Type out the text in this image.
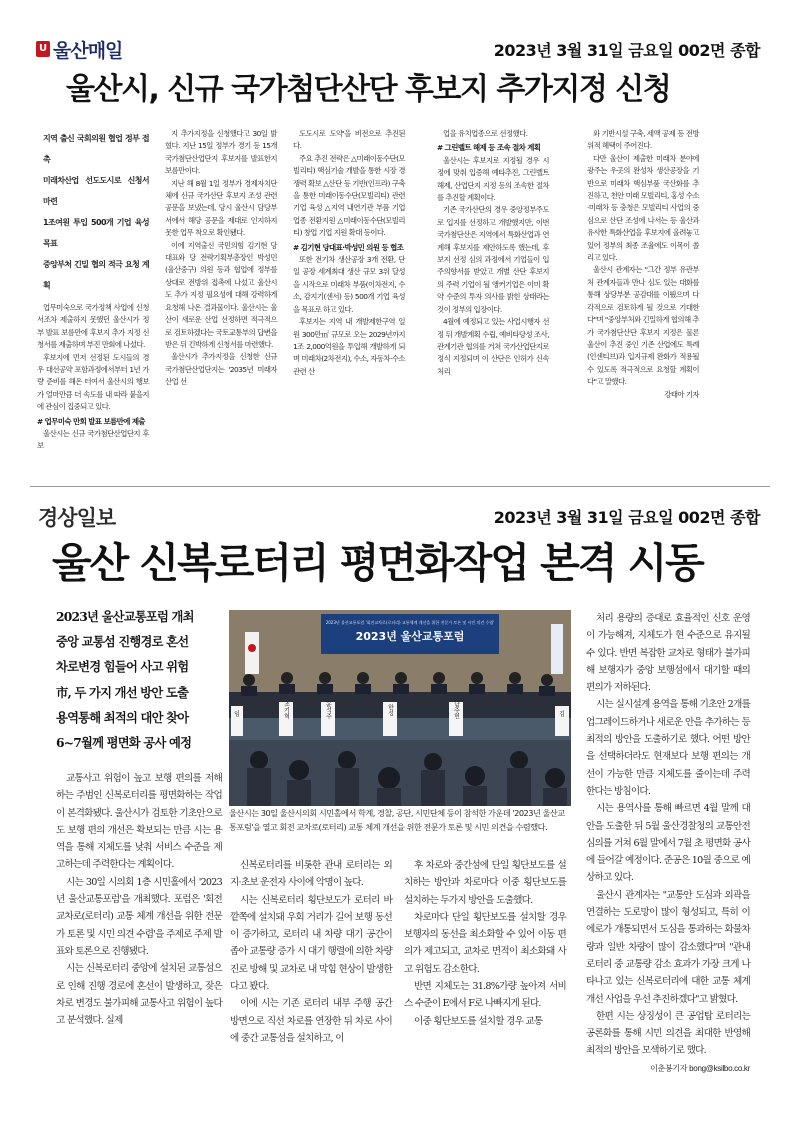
U 울산매일	2023년 3월 31일 금요일 002면 종합
울산시, 신규 국가첨단산단 후보지 추가지정 신청
지역 출신 국회의원 협업 정부 접촉
미래차산업 선도도시로 신청서 마련
1조여원 투입 500개 기업 육성 목표
중앙부처 긴밀 협의 적극 요청 계획

업무미숙으로 국가정책 사업에 신청서조차 제출하지 못했던 울산시가 정부 발표 보름만에 후보지 추가 지정 신청서를 제출하며 부진 만회에 나섰다.

후보지에 먼저 선정된 도시들의 경우 대선공약 포함과정에서부터 1년 가량 준비를 해온 터여서 울산시의 행보가 얼마만큼 더 속도를 내 따라 붙을지에 관심이 집중되고 있다.

# 업무미숙 만회 발표 보름만에 제출

울산시는 신규 국가첨단산업단지 후보

지 추가지정을 신청했다고 30일 밝혔다. 지난 15일 정부가 경기 등 15개 국가첨단산업단지 후보지를 발표한지 보름만이다.

지난 해 8월 1일 정부가 경제자치단체에 신규 국가산단 후보지 조성 관련 공문을 보냈는데, 당시 울산시 담당부서에서 해당 공문을 제대로 인지하지 못한 업무 착오로 확인됐다.

이에 지역출신 국민의힘 김기현 당대표와 당 전략기획부총장인 박성민(울산중구) 의원 등과 협업에 정부를 상대로 전방위 접촉에 나섰고 울산시도 추가 지정 필요성에 대해 강력하게 요청해 나온 결과물이다. 울산시는 울산이 새로운 산업 선정하면 적극적으로 검토하겠다는 국토교통부의 답변을 받은 뒤 긴박하게 신청서를 마련했다.

울산시가 추가지정을 신청한 신규 국가첨단산업단지는 '2035년 미래자산업 선

도도시로 도약'을 비전으로 추진된다.

주요 추진 전략은 △미래이동수단(모빌리티) 핵심기술 개발을 통한 시장 경쟁력 확보 △산단 등 기반(인프라) 구축을 통한 미래이동수단(모빌리티) 관련 기업 육성 △지역 내연기관 부품 기업 업종 전환지원 △미래이동수단(모빌리티) 창업 기업 지원 확대 등이다.

# 김기현 당대표·박성민 의원 등 협조

또한 전기차 생산공장 3개 전환, 단일 공장 세계최대 생산 규모 3위 달성을 시작으로 미래차 부품(이차전지, 수소, 감지기(센서) 등) 500개 기업 육성을 목표로 하고 있다.

후보지는 지역 내 개발제한구역 일원 300만㎡ 규모로 오는 2029년까지 1조 2,000억원을 투입해 개발하게 되며 미래차(2차전지), 수소, 자동차·수소관련 산

업을 유치업종으로 선정했다.

# 그린벨트 해제 등 조속 절차 계획

울산시는 후보지로 지정될 경우 시정에 맞춰 입증해 예타추진, 그린벨트해제, 산업단지 지정 등의 조속한 절차를 추진할 계획이다.

기존 국가산단의 경우 중앙정부주도로 입지를 선정하고 개발했지만, 이번 국가첨단산은 지역에서 특화산업과 연계해 후보지를 제안하도록 했는데, 후보지 선정 심의 과정에서 기업들이 입주의향서를 받았고 개별 산단 후보지의 주력 기업이 될 앵커기업은 이미 확약 수준의 투자 의사를 밝힌 상태라는 것이 정부의 입장이다.

4월에 예정되고 있는 사업시행자 선정 뒤 개발계획 수립, 예비타당성 조사, 관계기관 협의를 거쳐 국가산업단지로 정식 지정되며 이 산단은 인허가 신속 처리

와 기반시설 구축, 세액 공제 등 전방위적 혜택이 주어진다.

다만 울산이 제출한 미래차 분야에 광주는 우곳의 완성차 생산공장을 기반으로 미래차 핵심부품 국산화를 추진하고, 천안 미래 모빌리티, 홍성 수소·미래차 등 충청은 모빌리티 사업의 중심으로 산단 조성에 나서는 등 울산과 유사한 특화산업을 후보지에 올려놓고 있어 정부의 최종 조율에도 이목이 쏠리고 있다.

울산시 관계자는 "그간 정부 유관부처 관계자들과 만나 심도 있는 대화를 통해 상당부분 공감대를 이뤘으며 다각적으로 검토하게 될 것으로 기대한다"며 "중앙부처와 긴밀하게 협의해 추가 국가첨단산단 후보지 지정은 물론 울산이 추진 중인 기존 산업에도 특례(인센티브)과 입지규제 완화가 적용될 수 있도록 적극적으로 요청할 계획이다"고 말했다.

강태아 기자

경상일보	2023년 3월 31일 금요일 002면 종합
울산 신복로터리 평면화작업 본격 시동
2023년 울산교통포럼 개최
중앙 교통섬 진행경로 혼선
차로변경 힘들어 사고 위험
市, 두 가지 개선 방안 도출
용역통해 최적의 대안 찾아
6~7월께 평면화 공사 예정
2023년 울산교통포럼 '회전교차로(로터리) 교통체계 개선을 위한 전문가 토론 및 시민 의견 수렴'
2023년 울산교통포럼
임	조기혁	윤석주	한성	남주헌	김
울산시는 30일 울산시의회 시민홀에서 학계, 경찰, 공단, 시민단체 등이 참석한 가운데 '2023년 울산교통포럼'을 열고 회전 교차로(로터리) 교통 체계 개선을 위한 전문가 토론 및 시민 의견을 수렴했다.

교통사고 위험이 높고 보행 편의를 저해하는 주범인 신복로터리를 평면화하는 작업이 본격화됐다. 울산시가 검토한 기초안으로도 보행 편의 개선은 확보되는 만큼 시는 용역을 통해 지체도를 낮춰 서비스 수준을 제고하는데 주력한다는 계획이다.

시는 30일 시의회 1층 시민홀에서 '2023년 울산교통포럼'을 개최했다. 포럼은 '회전교차로(로터리) 교통 체계 개선을 위한 전문가 토론 및 시민 의견 수렴'을 주제로 주제 발표와 토론으로 진행됐다.

시는 신복로터리 중앙에 설치된 교통섬으로 인해 진행 경로에 혼선이 발생하고, 잦은 차로 변경도 불가피해 교통사고 위험이 높다고 분석했다. 실제

신복로터리를 비롯한 관내 로터리는 외지·초보 운전자 사이에 악명이 높다.

시는 신복로터리 횡단보도가 로터리 바깥쪽에 설치돼 우회 거리가 길어 보행 동선이 증가하고, 로터리 내 차량 대기 공간이 좁아 교통량 증가 시 대기 행렬에 의한 차량 진로 방해 및 교차로 내 막힘 현상이 발생한다고 봤다.

이에 시는 기존 로터리 내부 주행 공간 방면으로 직선 차로를 연장한 뒤 차로 사이에 중간 교통섬을 설치하고, 이

후 차로와 중간섬에 단일 횡단보도를 설치하는 방안과 차로마다 이중 횡단보도를 설치하는 두가지 방안을 도출했다.

차로마다 단일 횡단보도를 설치할 경우 보행자의 동선을 최소화할 수 있어 이동 편의가 제고되고, 교차로 면적이 최소화돼 사고 위험도 감소한다.

반면 지체도는 31.8%가량 높아져 서비스 수준이 E에서 F로 나빠지게 된다.

이중 횡단보도를 설치할 경우 교통

처리 용량의 증대로 효율적인 신호 운영이 가능해져, 지체도가 현 수준으로 유지될 수 있다. 반면 복잡한 교차로 형태가 불가피해 보행자가 중앙 보행섬에서 대기할 때의 편의가 저하된다.

시는 실시설계 용역을 통해 기초안 2개를 업그레이드하거나 새로운 안을 추가하는 등 최적의 방안을 도출하기로 했다. 어떤 방안을 선택하더라도 현재보다 보행 편의는 개선이 가능한 만큼 지체도를 줄이는데 주력한다는 방침이다.

시는 용역사를 통해 빠르면 4월 말께 대안을 도출한 뒤 5월 울산경찰청의 교통안전 심의를 거쳐 6월 말에서 7월 초 평면화 공사에 들어갈 예정이다. 준공은 10월 중으로 예상하고 있다.

울산시 관계자는 "교통안 도심과 외곽을 연결하는 도로망이 많이 형성되고, 특히 이에로가 개통되면서 도심을 통과하는 화물차량과 일반 차량이 많이 감소했다"며 "관내 로터리 중 교통량 감소 효과가 가장 크게 나타나고 있는 신복로터리에 대한 교통 체계 개선 사업을 우선 추진하겠다"고 밝혔다.

한편 시는 상징성이 큰 공업탑 로터리는 공론화를 통해 시민 의견을 최대한 반영해 최적의 방안을 모색하기로 했다.

이춘봉기자 bong@ksilbo.co.kr
